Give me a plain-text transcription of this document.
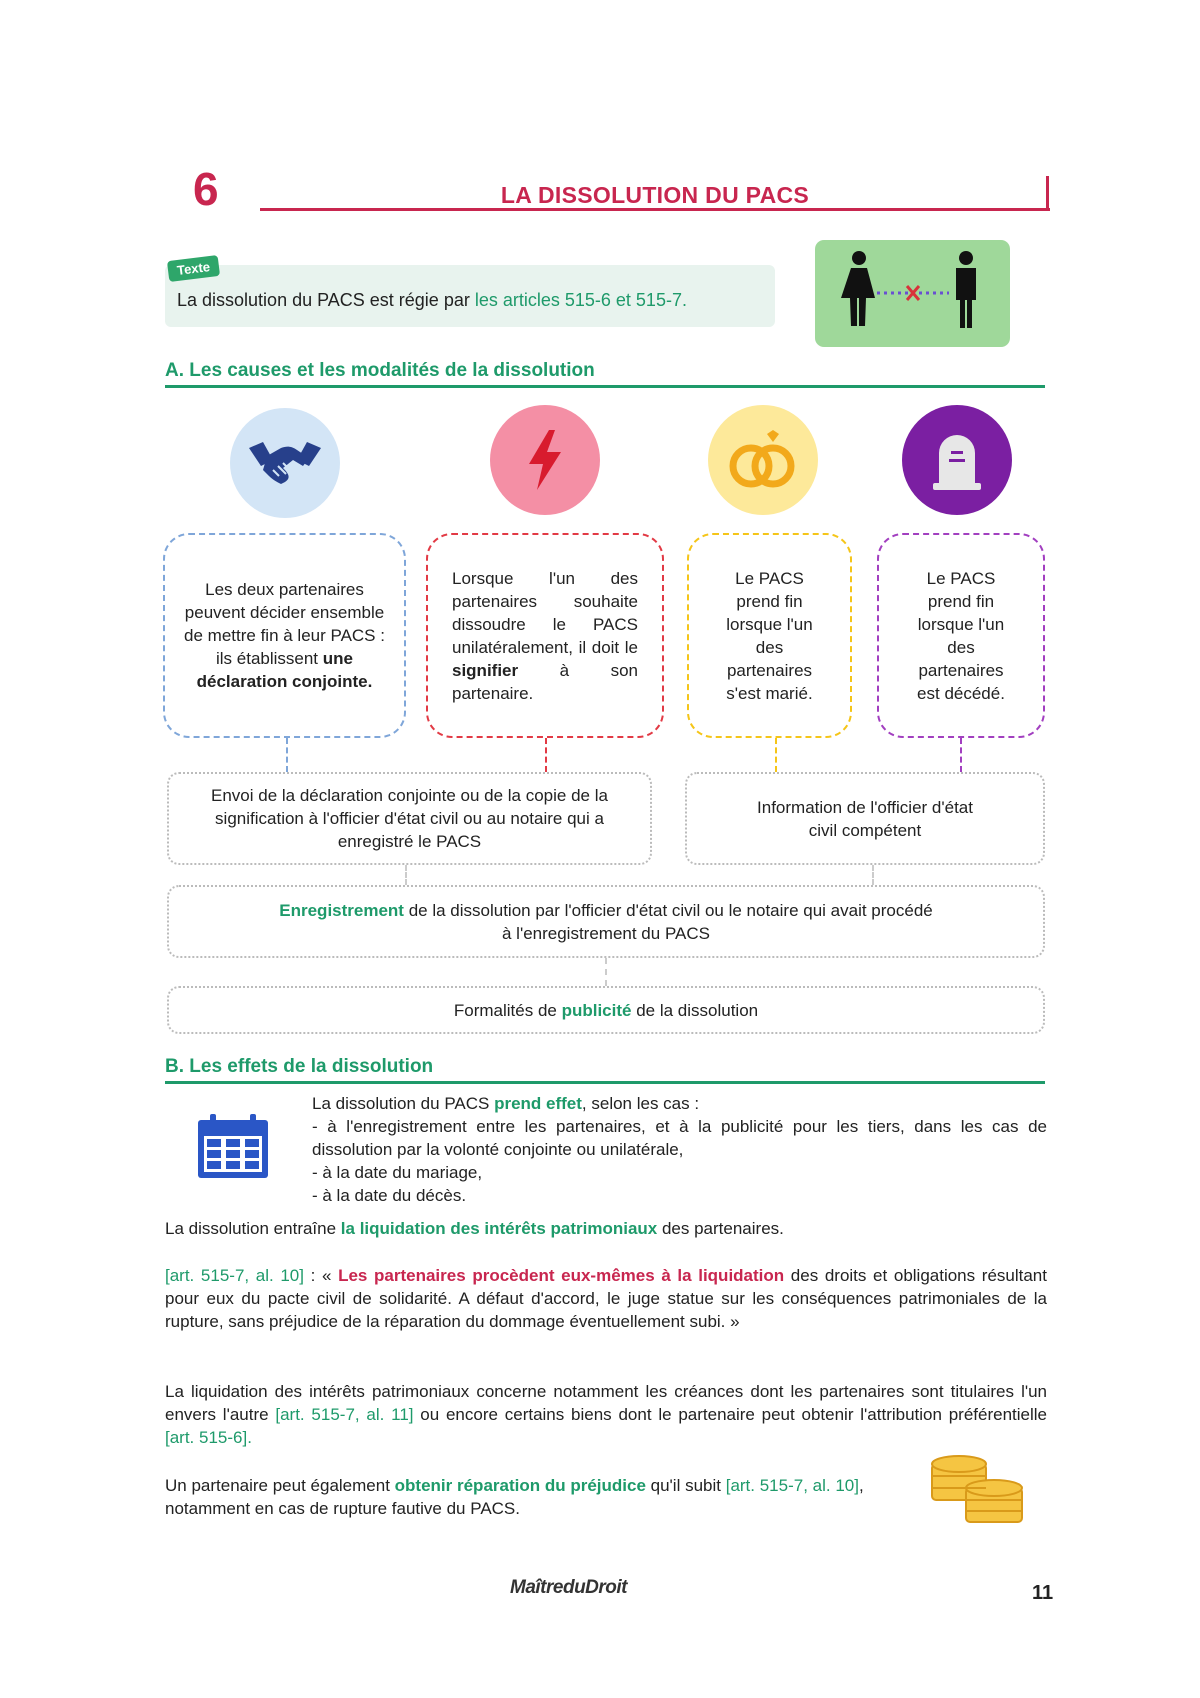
6	LA DISSOLUTION DU PACS
Texte
La dissolution du PACS est régie par les articles 515-6 et 515-7.
A. Les causes et les modalités de la dissolution
Les deux partenaires peuvent décider ensemble de mettre fin à leur PACS : ils établissent une déclaration conjointe.
Lorsque l'un des partenaires souhaite dissoudre le PACS unilatéralement, il doit le signifier à son partenaire.
Le PACS prend fin lorsque l'un des partenaires s'est marié.
Le PACS prend fin lorsque l'un des partenaires est décédé.
Envoi de la déclaration conjointe ou de la copie de la signification à l'officier d'état civil ou au notaire qui a enregistré le PACS
Information de l'officier d'état civil compétent
Enregistrement de la dissolution par l'officier d'état civil ou le notaire qui avait procédé à l'enregistrement du PACS
Formalités de publicité de la dissolution
B. Les effets de la dissolution
La dissolution du PACS prend effet, selon les cas :
- à l'enregistrement entre les partenaires, et à la publicité pour les tiers, dans les cas de dissolution par la volonté conjointe ou unilatérale,
- à la date du mariage,
- à la date du décès.
La dissolution entraîne la liquidation des intérêts patrimoniaux des partenaires.
[art. 515-7, al. 10] : « Les partenaires procèdent eux-mêmes à la liquidation des droits et obligations résultant pour eux du pacte civil de solidarité. A défaut d'accord, le juge statue sur les conséquences patrimoniales de la rupture, sans préjudice de la réparation du dommage éventuellement subi. »
La liquidation des intérêts patrimoniaux concerne notamment les créances dont les partenaires sont titulaires l'un envers l'autre [art. 515-7, al. 11] ou encore certains biens dont le partenaire peut obtenir l'attribution préférentielle [art. 515-6].
Un partenaire peut également obtenir réparation du préjudice qu'il subit [art. 515-7, al. 10], notamment en cas de rupture fautive du PACS.
MaîtreduDroit	11
